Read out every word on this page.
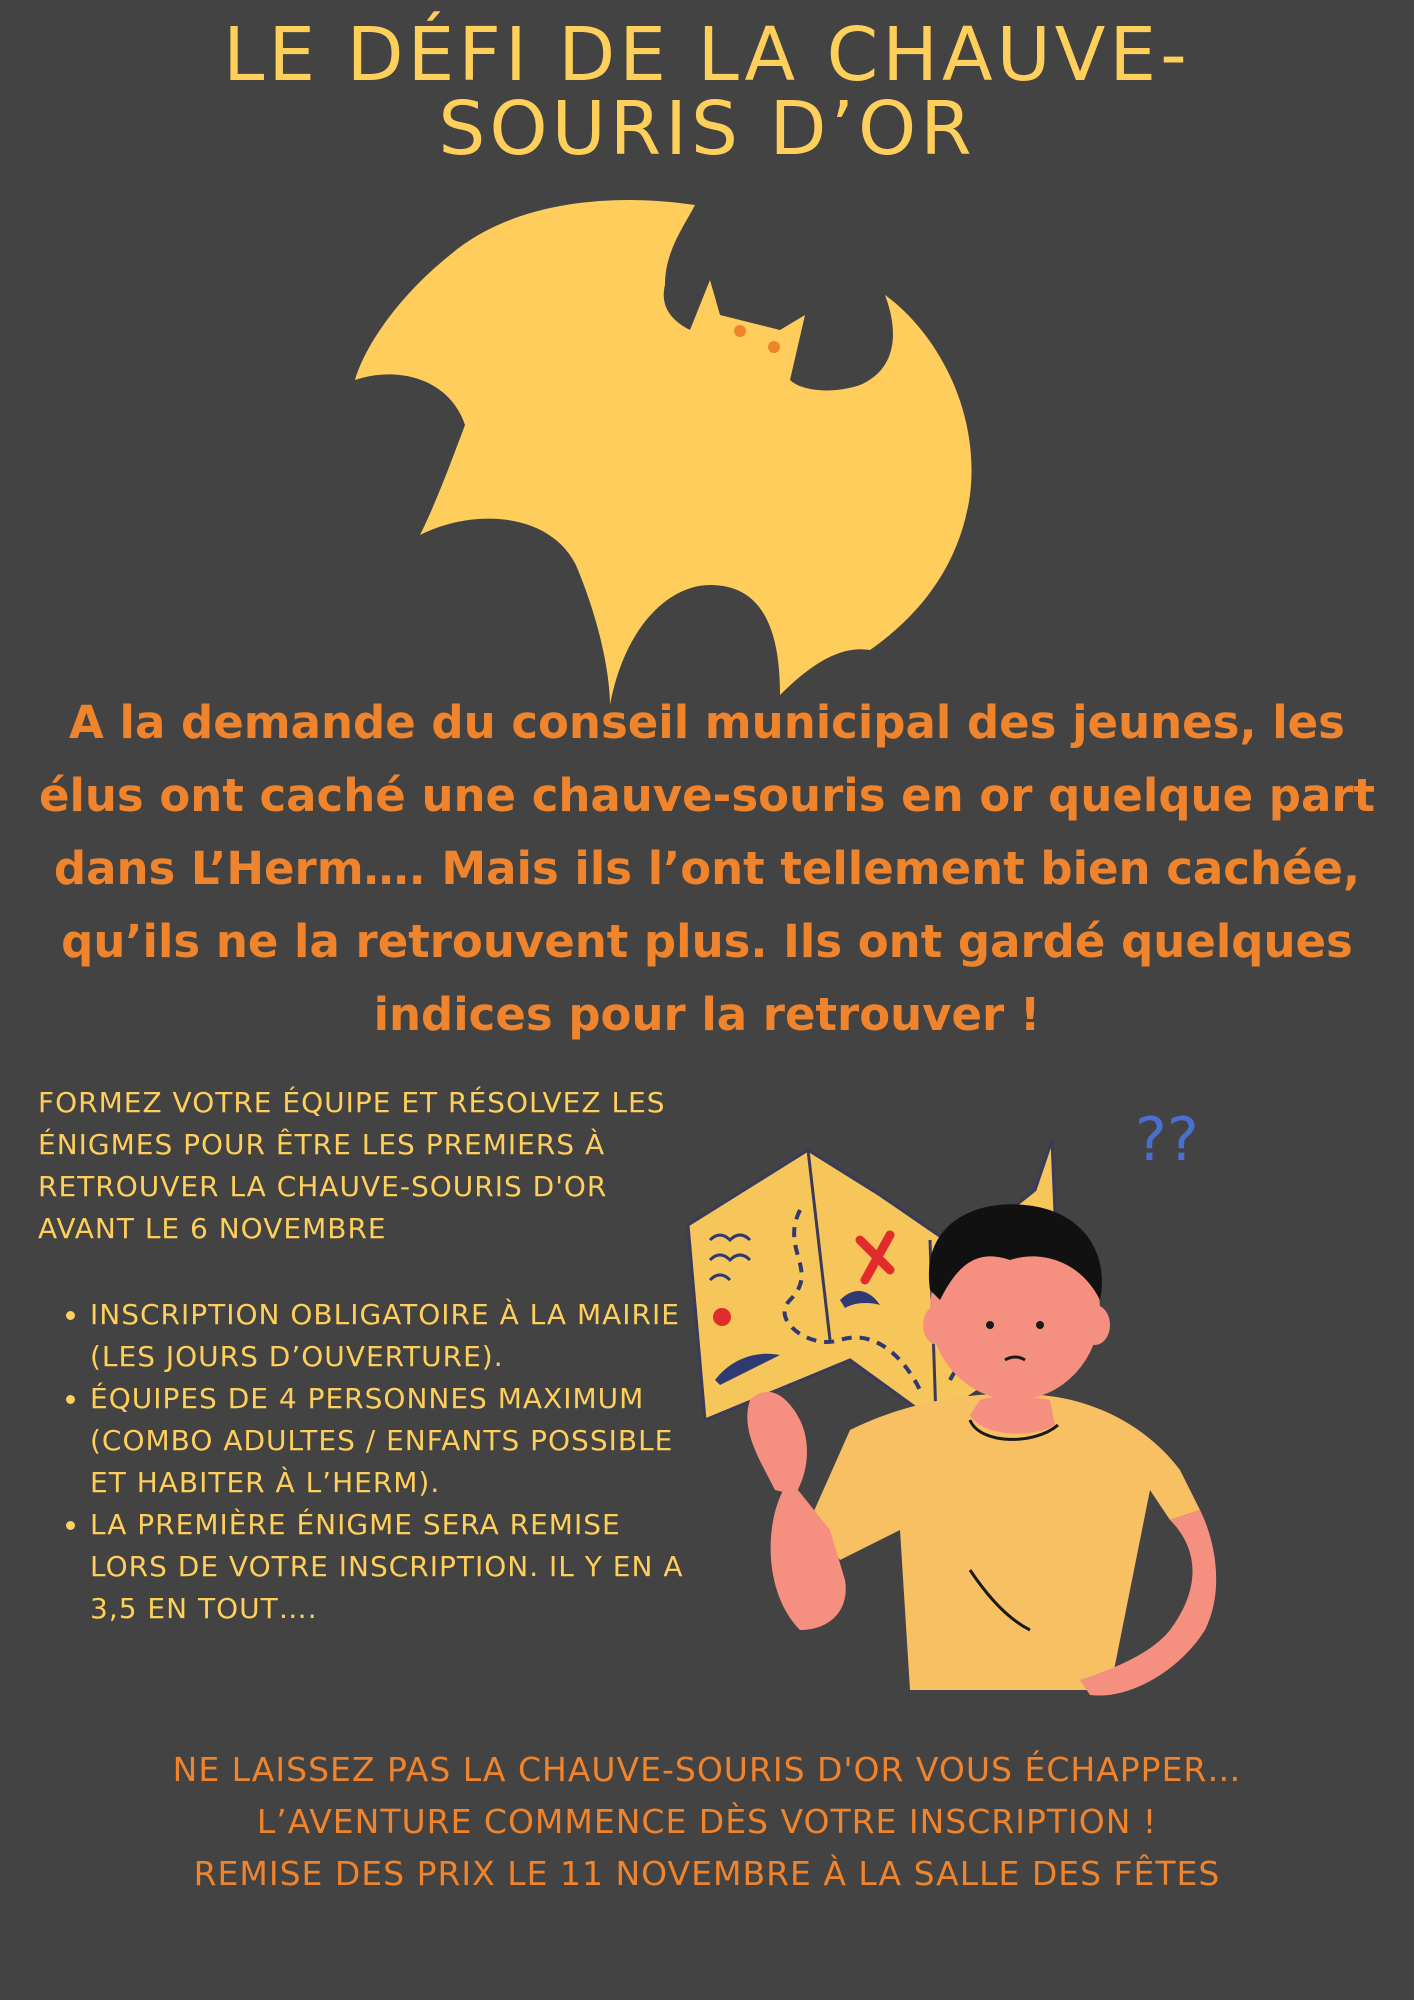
LE DÉFI DE LA CHAUVE-
SOURIS D’OR

A la demande du conseil municipal des jeunes, les élus ont caché une chauve-souris en or quelque part dans L’Herm…. Mais ils l’ont tellement bien cachée, qu’ils ne la retrouvent plus. Ils ont gardé quelques indices pour la retrouver !

FORMEZ VOTRE ÉQUIPE ET RÉSOLVEZ LES ÉNIGMES POUR ÊTRE LES PREMIERS À RETROUVER LA CHAUVE-SOURIS D'OR AVANT LE 6 NOVEMBRE

• INSCRIPTION OBLIGATOIRE À LA MAIRIE (LES JOURS D’OUVERTURE).
• ÉQUIPES DE 4 PERSONNES MAXIMUM (COMBO ADULTES / ENFANTS POSSIBLE ET HABITER À L’HERM).
• LA PREMIÈRE ÉNIGME SERA REMISE LORS DE VOTRE INSCRIPTION. IL Y EN A 3,5 EN TOUT….
??
NE LAISSEZ PAS LA CHAUVE-SOURIS D'OR VOUS ÉCHAPPER…
L’AVENTURE COMMENCE DÈS VOTRE INSCRIPTION !
REMISE DES PRIX LE 11 NOVEMBRE À LA SALLE DES FÊTES
